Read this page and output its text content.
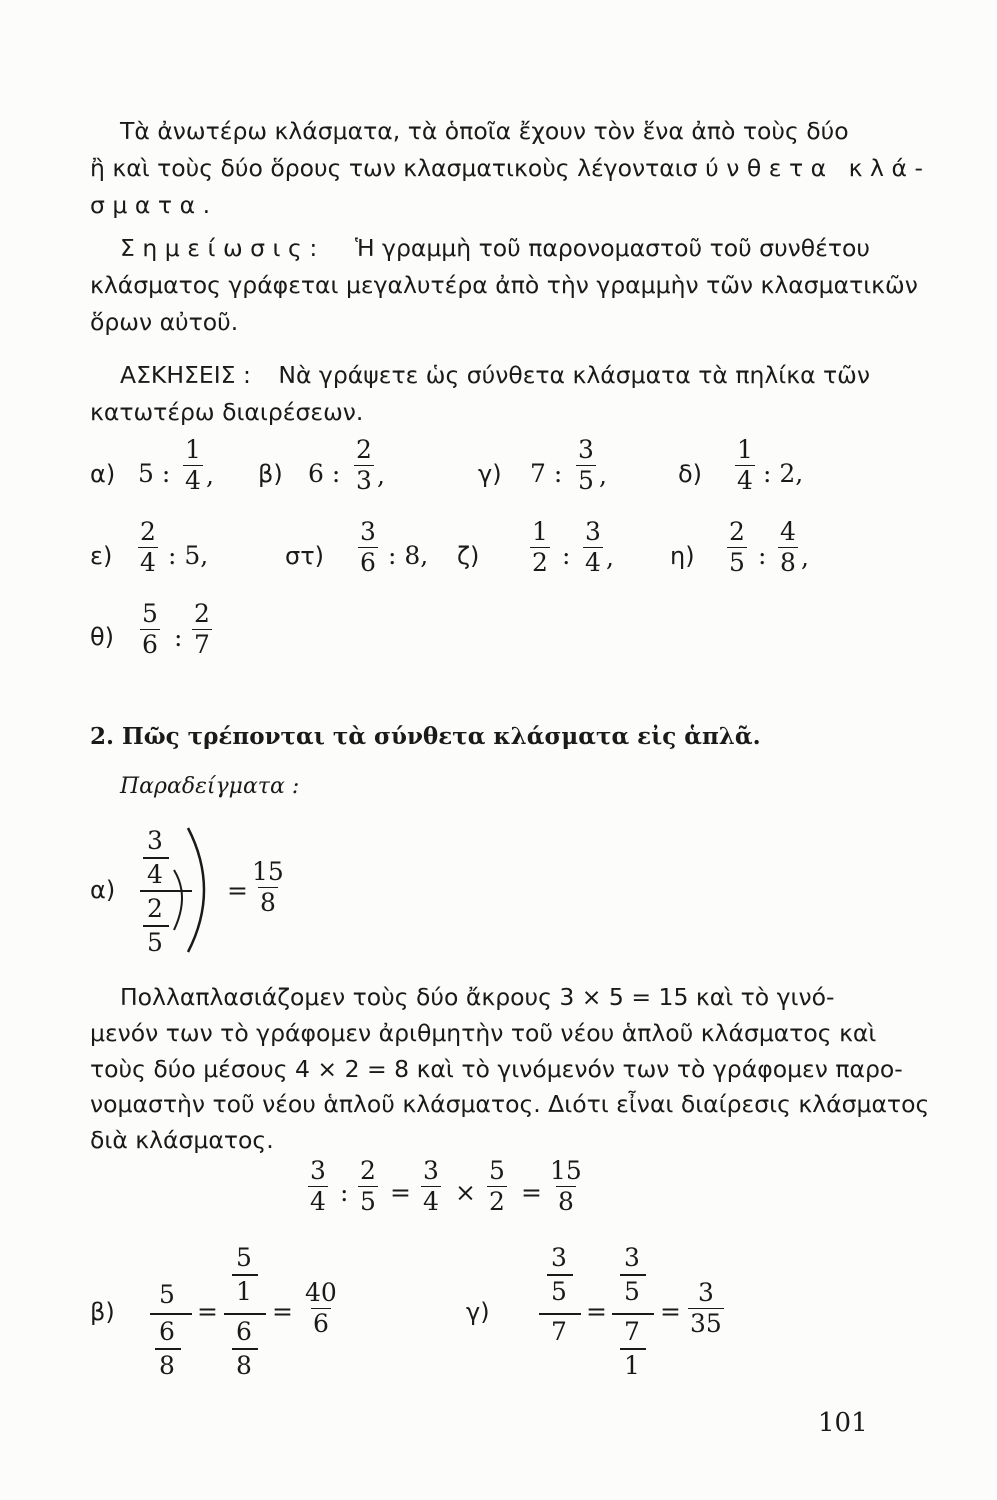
Τὰ ἀνωτέρω κλάσματα, τὰ ὁποῖα ἔχουν τὸν ἕνα ἀπὸ τοὺς δύο
ἢ καὶ τοὺς δύο ὅρους των κλασματικοὺς λέγονται σύνθετα κλά-
σματα.
Σημείωσις: Ἡ γραμμὴ τοῦ παρονομαστοῦ τοῦ συνθέτου
κλάσματος γράφεται μεγαλυτέρα ἀπὸ τὴν γραμμὴν τῶν κλασματικῶν
ὅρων αὐτοῦ.
ΑΣΚΗΣΕΙΣ : Νὰ γράψετε ὡς σύνθετα κλάσματα τὰ πηλίκα τῶν
κατωτέρω διαιρέσεων.
α) 5 : $\frac{1}{4}$ , β) 6 : $\frac{2}{3}$ ,	γ) 7 : $\frac{3}{5}$ ,	$\delta) \frac{1}{4}$ : 2,
$\varepsilon) \frac{2}{4}$ : 5,	$\sigma\tau) \frac{3}{6}$ : 8, $\zeta) \frac{1}{2}$ : $\frac{3}{4}$ , $\eta) \frac{2}{5}$ : $\frac{4}{8}$ ,
$\theta) \frac{5}{6}$ : $\frac{2}{7}$
2. Πῶς τρέπονται τὰ σύνθετα κλάσματα εἰς ἁπλᾶ.
Παραδείγματα :
α)
3
4
2
5
= $\frac{15}{8}$
Πολλαπλασιάζομεν τοὺς δύο ἄκρους 3 × 5 = 15 καὶ τὸ γινό-
μενόν των τὸ γράφομεν ἀριθμητὴν τοῦ νέου ἁπλοῦ κλάσματος καὶ
τοὺς δύο μέσους 4 × 2 = 8 καὶ τὸ γινόμενόν των τὸ γράφομεν παρο-
νομαστὴν τοῦ νέου ἁπλοῦ κλάσματος. Διότι εἶναι διαίρεσις κλάσματος
διὰ κλάσματος.
$\frac{3}{4}$ : $\frac{2}{5} = \frac{3}{4} \times \frac{5}{2} = \frac{15}{8}$
β)
5
6
8
=
5
1
6
8
= $\frac{40}{6}$	γ)
3
5
7
=
3
5
7
1
= $\frac{3}{35}$
101
